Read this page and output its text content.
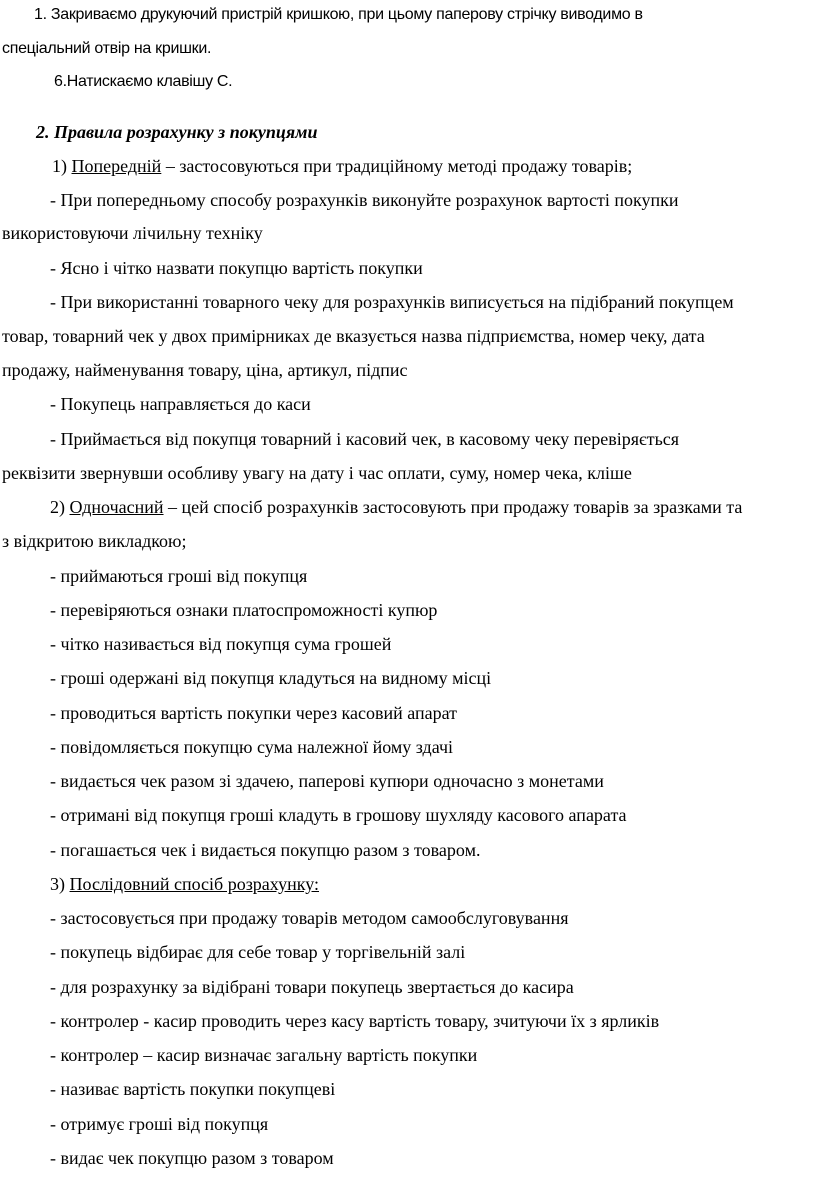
1. Закриваємо друкуючий пристрій кришкою, при цьому паперову стрічку виводимо в
спеціальний отвір на кришки.
6.Натискаємо клавішу С.
2. Правила розрахунку з покупцями
1) Попередній – застосовуються при традиційному методі продажу товарів;
- При попередньому способу розрахунків виконуйте розрахунок вартості покупки
використовуючи лічильну техніку
- Ясно і чітко назвати покупцю вартість покупки
- При використанні товарного чеку для розрахунків виписується на підібраний покупцем
товар, товарний чек у двох примірниках де вказується назва підприємства, номер чеку, дата
продажу, найменування товару, ціна, артикул, підпис
- Покупець направляється до каси
- Приймається від покупця товарний і касовий чек, в касовому чеку перевіряється
реквізити звернувши особливу увагу на дату і час оплати, суму, номер чека, кліше
2) Одночасний – цей спосіб розрахунків застосовують при продажу товарів за зразками та
з відкритою викладкою;
- приймаються гроші від покупця
- перевіряються ознаки платоспроможності купюр
- чітко називається від покупця сума грошей
- гроші одержані від покупця кладуться на видному місці
- проводиться вартість покупки через касовий апарат
- повідомляється покупцю сума належної йому здачі
- видається чек разом зі здачею, паперові купюри одночасно з монетами
- отримані від покупця гроші кладуть в грошову шухляду касового апарата
- погашається чек і видається покупцю разом з товаром.
3) Послідовний спосіб розрахунку:
- застосовується при продажу товарів методом самообслуговування
- покупець відбирає для себе товар у торгівельній залі
- для розрахунку за відібрані товари покупець звертається до касира
- контролер - касир проводить через касу вартість товару, зчитуючи їх з ярликів
- контролер – касир визначає загальну вартість покупки
- називає вартість покупки покупцеві
- отримує гроші від покупця
- видає чек покупцю разом з товаром
